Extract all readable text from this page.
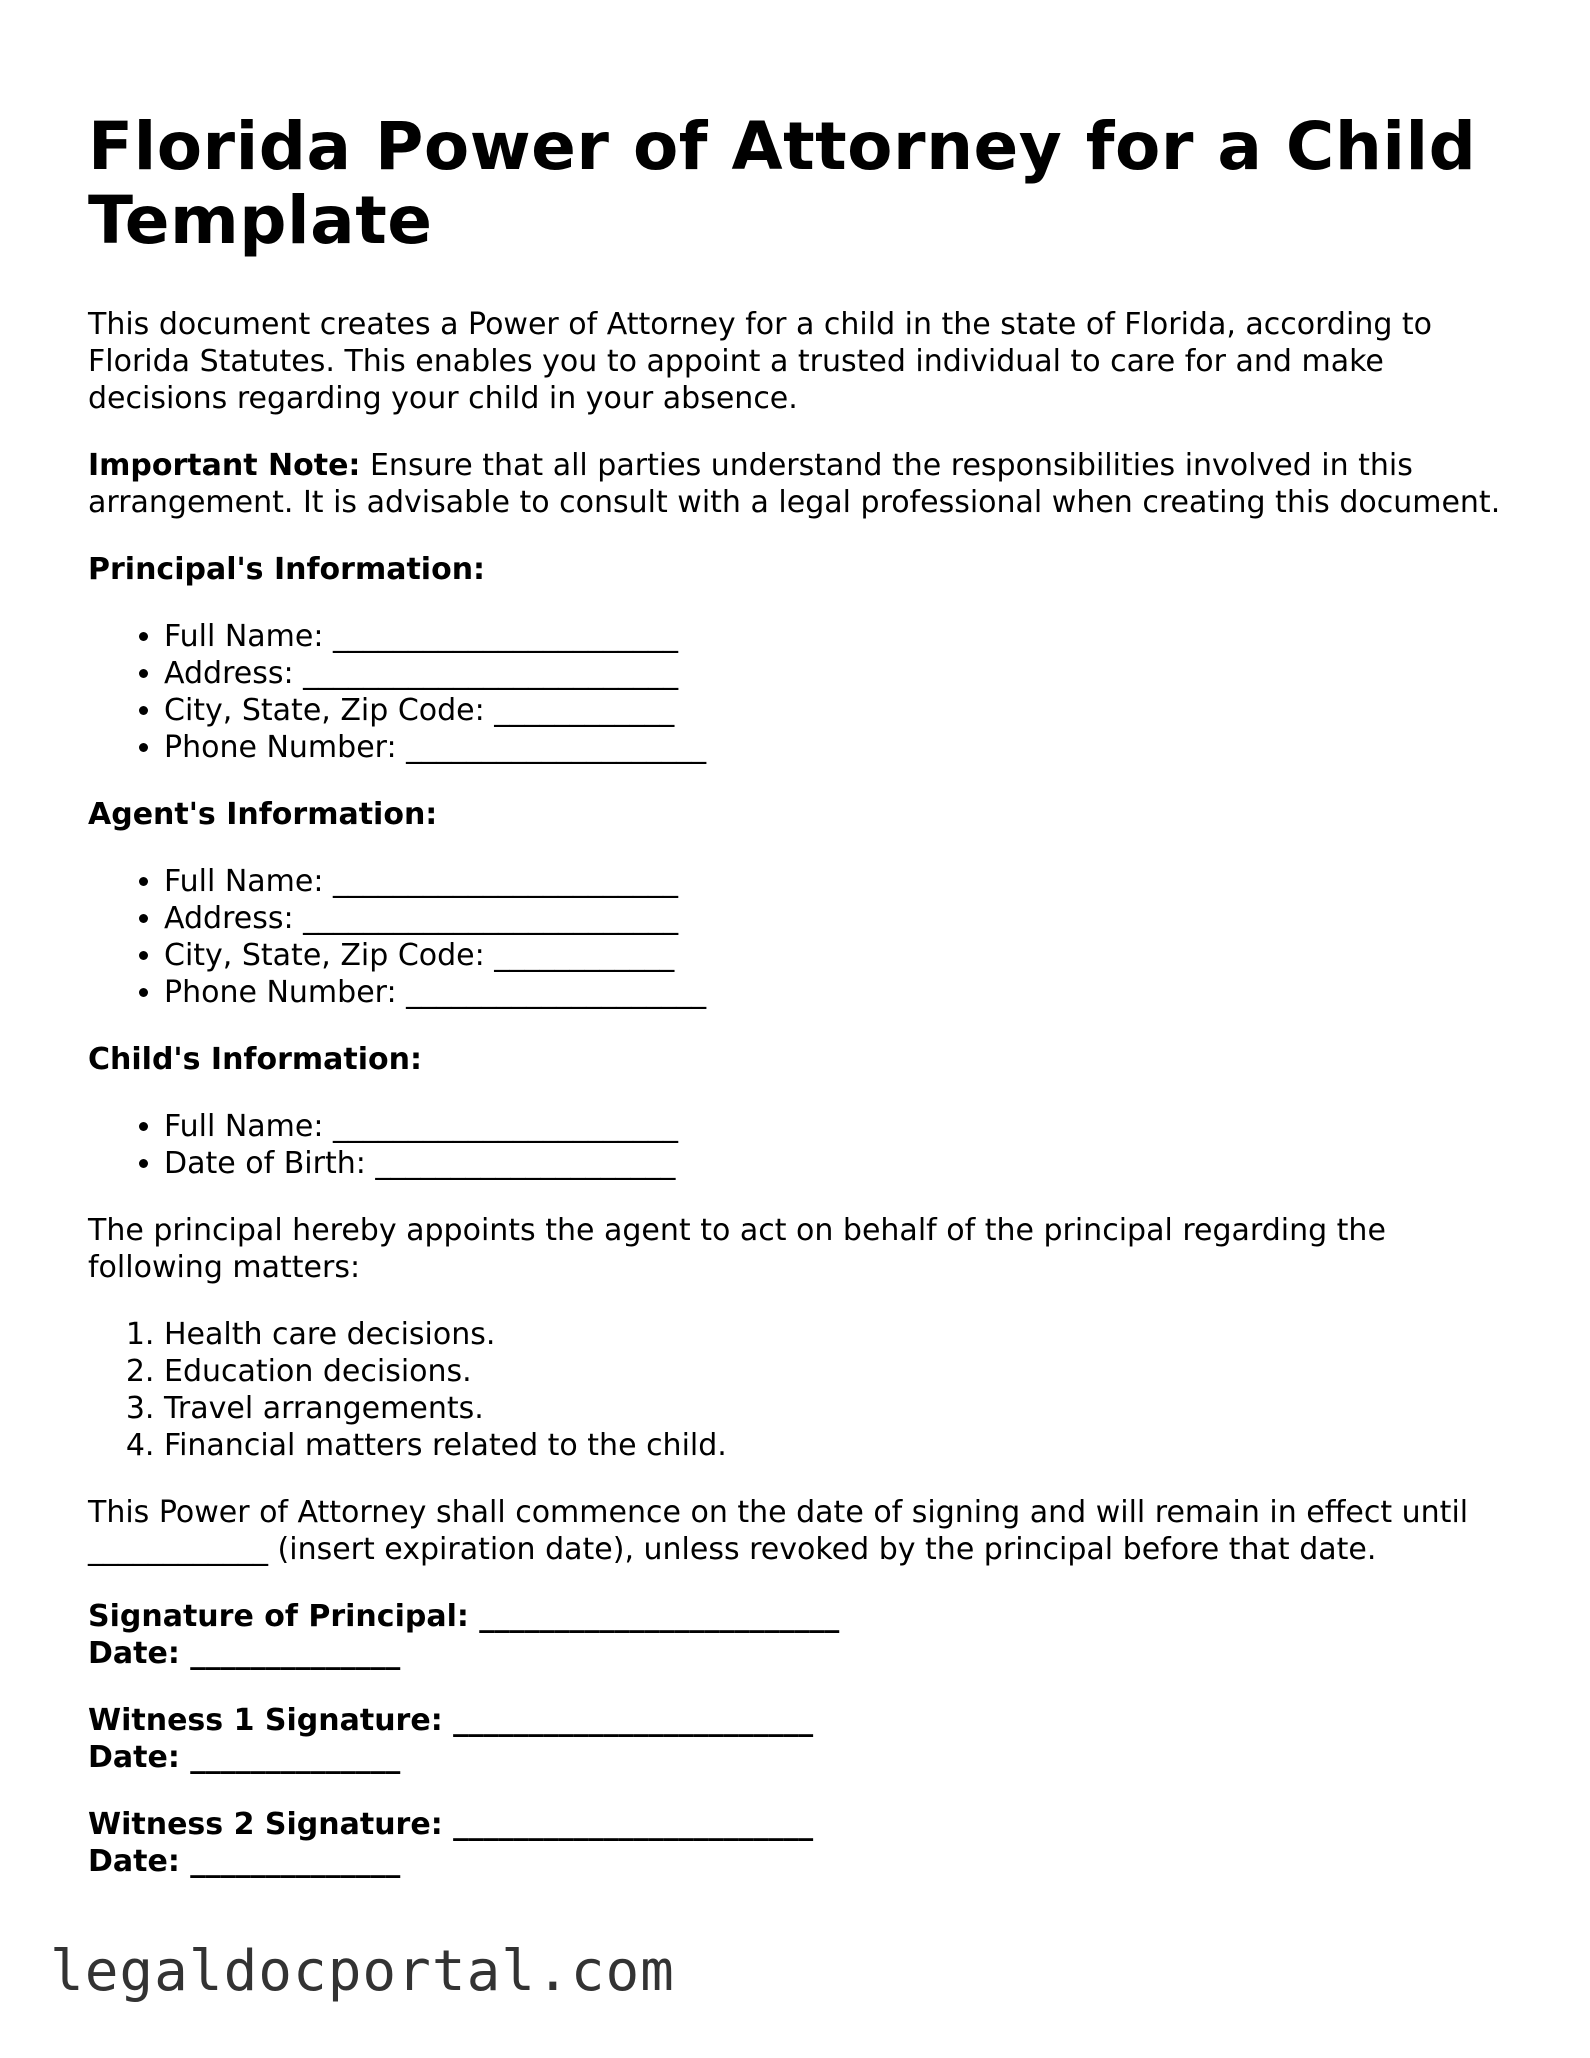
Florida Power of Attorney for a Child Template

This document creates a Power of Attorney for a child in the state of Florida, according to Florida Statutes. This enables you to appoint a trusted individual to care for and make decisions regarding your child in your absence.

Important Note: Ensure that all parties understand the responsibilities involved in this arrangement. It is advisable to consult with a legal professional when creating this document.

Principal's Information:

• Full Name: _______________________
• Address: _________________________
• City, State, Zip Code: ____________
• Phone Number: ____________________

Agent's Information:

• Full Name: _______________________
• Address: _________________________
• City, State, Zip Code: ____________
• Phone Number: ____________________

Child's Information:

• Full Name: _______________________
• Date of Birth: ____________________

The principal hereby appoints the agent to act on behalf of the principal regarding the following matters:

1. Health care decisions.
2. Education decisions.
3. Travel arrangements.
4. Financial matters related to the child.

This Power of Attorney shall commence on the date of signing and will remain in effect until ____________ (insert expiration date), unless revoked by the principal before that date.

Signature of Principal: ________________________
Date: ______________
Witness 1 Signature: ________________________
Date: ______________
Witness 2 Signature: ________________________
Date: ______________
legaldocportal.com
